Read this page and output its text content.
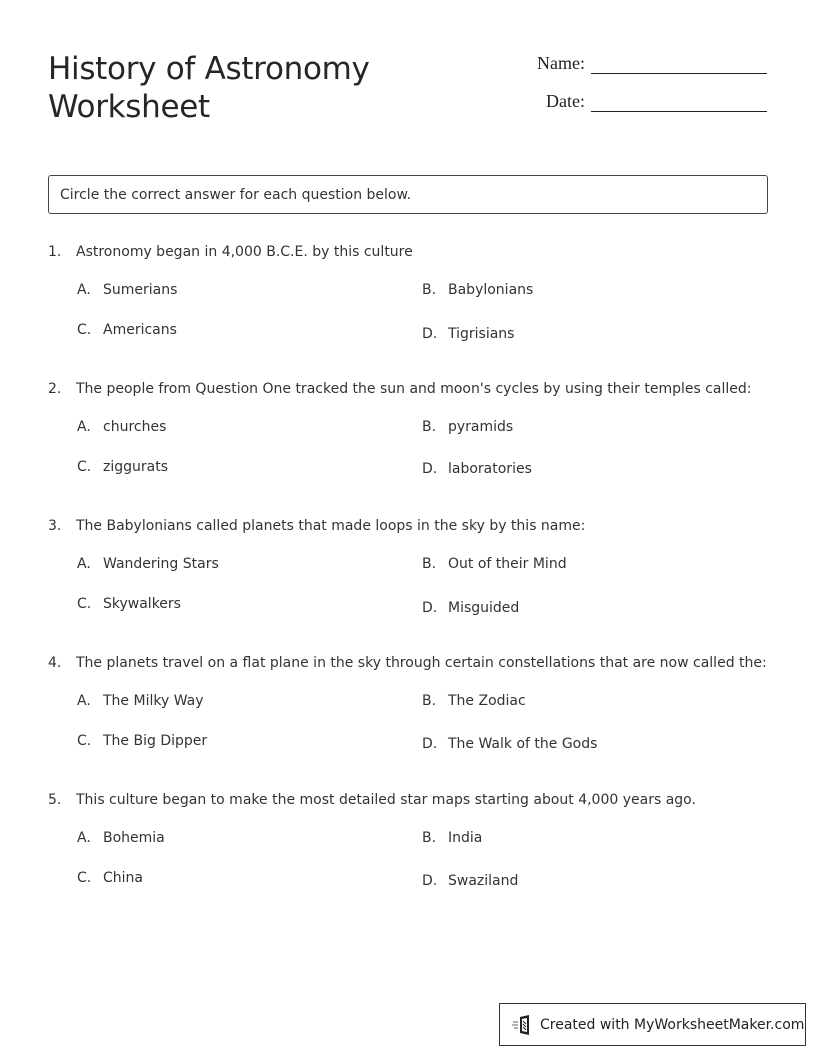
History of Astronomy
Worksheet
Name:
Date:
Circle the correct answer for each question below.
1.	Astronomy began in 4,000 B.C.E. by this culture
A. Sumerians	B. Babylonians
C. Americans	D. Tigrisians
2.	The people from Question One tracked the sun and moon's cycles by using their temples called:
A. churches	B. pyramids
C. ziggurats	D. laboratories
3.	The Babylonians called planets that made loops in the sky by this name:
A. Wandering Stars	B. Out of their Mind
C. Skywalkers	D. Misguided
4.	The planets travel on a flat plane in the sky through certain constellations that are now called the:
A. The Milky Way	B. The Zodiac
C. The Big Dipper	D. The Walk of the Gods
5.	This culture began to make the most detailed star maps starting about 4,000 years ago.
A. Bohemia	B. India
C. China	D. Swaziland
Created with MyWorksheetMaker.com
